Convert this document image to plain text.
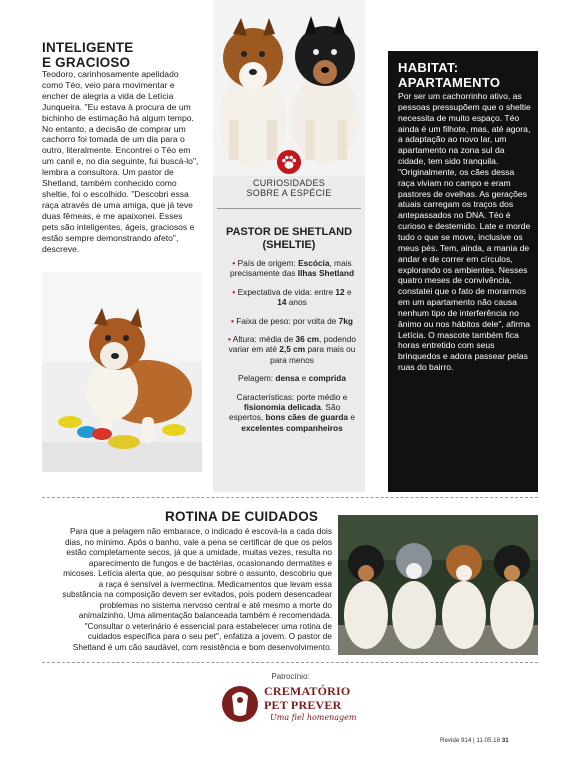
INTELIGENTE
E GRACIOSO
Teodoro, carinhosamente apelidado como Téo, veio para movimentar e encher de alegria a vida de Letícia Junqueira. "Eu estava à procura de um bichinho de estimação há algum tempo. No entanto, a decisão de comprar um cachorro foi tomada de um dia para o outro, literalmente. Encontrei o Téo em um canil e, no dia seguinte, fui buscá-lo", lembra a consultora. Um pastor de Shetland, também conhecido como sheltie, foi o escolhido. "Descobri essa raça através de uma amiga, que já teve duas fêmeas, e me apaixonei. Esses pets são inteligentes, ágeis, graciosos e estão sempre demonstrando afeto", descreve.
CURIOSIDADES
SOBRE A ESPÉCIE
PASTOR DE SHETLAND
(SHELTIE)
• País de origem: Escócia, mais precisamente das Ilhas Shetland
• Expectativa de vida: entre 12 e 14 anos
• Faixa de peso: por volta de 7kg
• Altura: média de 36 cm, podendo variar em até 2,5 cm para mais ou para menos
Pelagem: densa e comprida
Características: porte médio e fisionomia delicada. São espertos, bons cães de guarda e excelentes companheiros
HABITAT:
APARTAMENTO
Por ser um cachorrinho ativo, as pessoas pressupõem que o sheltie necessita de muito espaço. Téo ainda é um filhote, mas, até agora, a adaptação ao novo lar, um apartamento na zona sul da cidade, tem sido tranquila. "Originalmente, os cães dessa raça viviam no campo e eram pastores de ovelhas. As gerações atuais carregam os traços dos antepassados no DNA. Téo é curioso e destemido. Late e morde tudo o que se move, inclusive os meus pés. Tem, ainda, a mania de andar e de correr em círculos, explorando os ambientes. Nesses quatro meses de convivência, constatei que o fato de morarmos em um apartamento não causa nenhum tipo de interferência no ânimo ou nos hábitos dele", afirma Letícia. O mascote também fica horas entretido com seus brinquedos e adora passear pelas ruas do bairro.
ROTINA DE CUIDADOS
Para que a pelagem não embarace, o indicado é escová-la a cada dois dias, no mínimo. Após o banho, vale a pena se certificar de que os pelos estão completamente secos, já que a umidade, muitas vezes, resulta no aparecimento de fungos e de bactérias, ocasionando dermatites e micoses. Letícia alerta que, ao pesquisar sobre o assunto, descobriu que a raça é sensível a ivermectina. Medicamentos que levam essa substância na composição devem ser evitados, pois podem desencadear problemas no sistema nervoso central e até mesmo a morte do animalzinho. Uma alimentação balanceada também é recomendada. "Consultar o veterinário é essencial para estabelecer uma rotina de cuidados específica para o seu pet", enfatiza a jovem. O pastor de Shetland é um cão saudável, com resistência e bom desenvolvimento.
Patrocínio:
CREMATÓRIO
PET PREVER
Uma fiel homenagem
Revide 914 | 11.05.18 31
